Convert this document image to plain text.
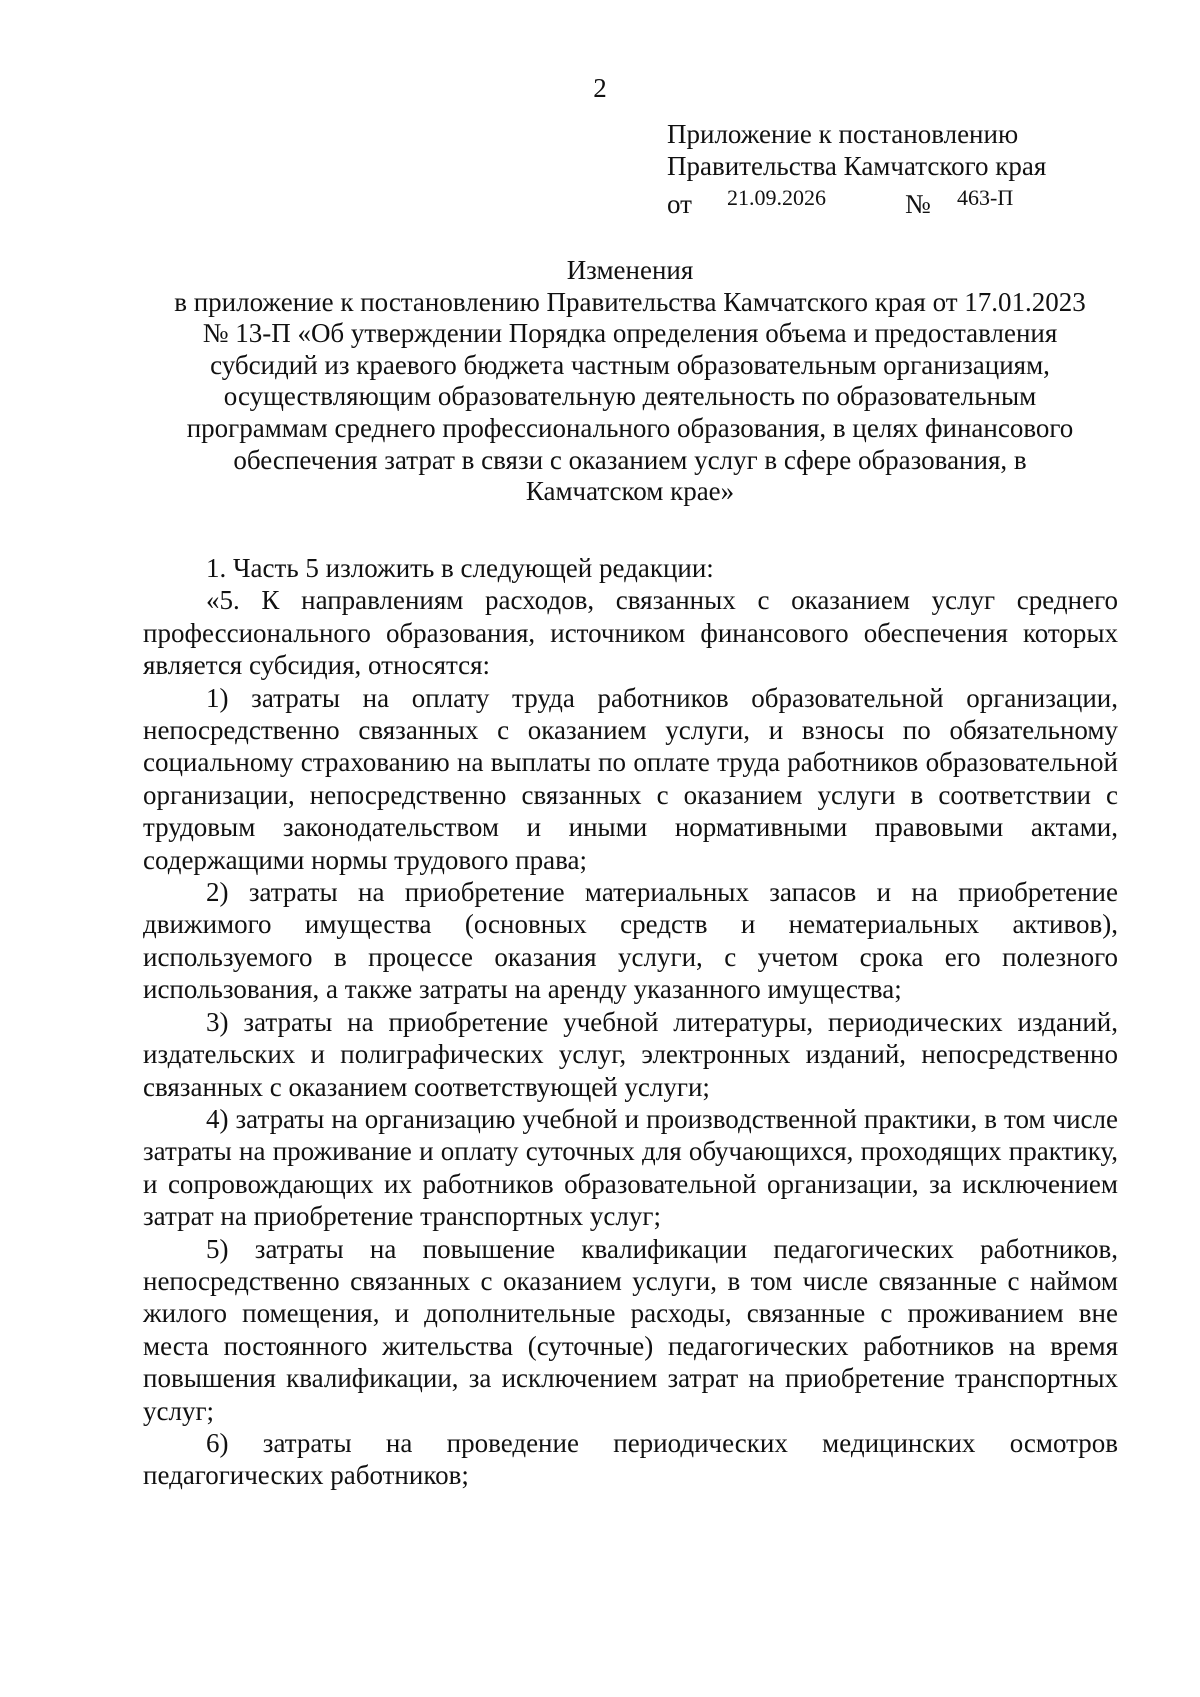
2
Приложение к постановлению
Правительства Камчатского края
от 21.09.2026	№ 463-П
Изменения
в приложение к постановлению Правительства Камчатского края от 17.01.2023
№ 13-П «Об утверждении Порядка определения объема и предоставления
субсидий из краевого бюджета частным образовательным организациям,
осуществляющим образовательную деятельность по образовательным
программам среднего профессионального образования, в целях финансового
обеспечения затрат в связи с оказанием услуг в сфере образования, в
Камчатском крае»

1. Часть 5 изложить в следующей редакции:

«5. К направлениям расходов, связанных с оказанием услуг среднего профессионального образования, источником финансового обеспечения которых является субсидия, относятся:

1) затраты на оплату труда работников образовательной организации, непосредственно связанных с оказанием услуги, и взносы по обязательному социальному страхованию на выплаты по оплате труда работников образовательной организации, непосредственно связанных с оказанием услуги в соответствии с трудовым законодательством и иными нормативными правовыми актами, содержащими нормы трудового права;

2) затраты на приобретение материальных запасов и на приобретение движимого имущества (основных средств и нематериальных активов), используемого в процессе оказания услуги, с учетом срока его полезного использования, а также затраты на аренду указанного имущества;

3) затраты на приобретение учебной литературы, периодических изданий, издательских и полиграфических услуг, электронных изданий, непосредственно связанных с оказанием соответствующей услуги;

4) затраты на организацию учебной и производственной практики, в том числе затраты на проживание и оплату суточных для обучающихся, проходящих практику, и сопровождающих их работников образовательной организации, за исключением затрат на приобретение транспортных услуг;

5) затраты на повышение квалификации педагогических работников, непосредственно связанных с оказанием услуги, в том числе связанные с наймом жилого помещения, и дополнительные расходы, связанные с проживанием вне места постоянного жительства (суточные) педагогических работников на время повышения квалификации, за исключением затрат на приобретение транспортных услуг;

6) затраты на проведение периодических медицинских осмотров педагогических работников;
